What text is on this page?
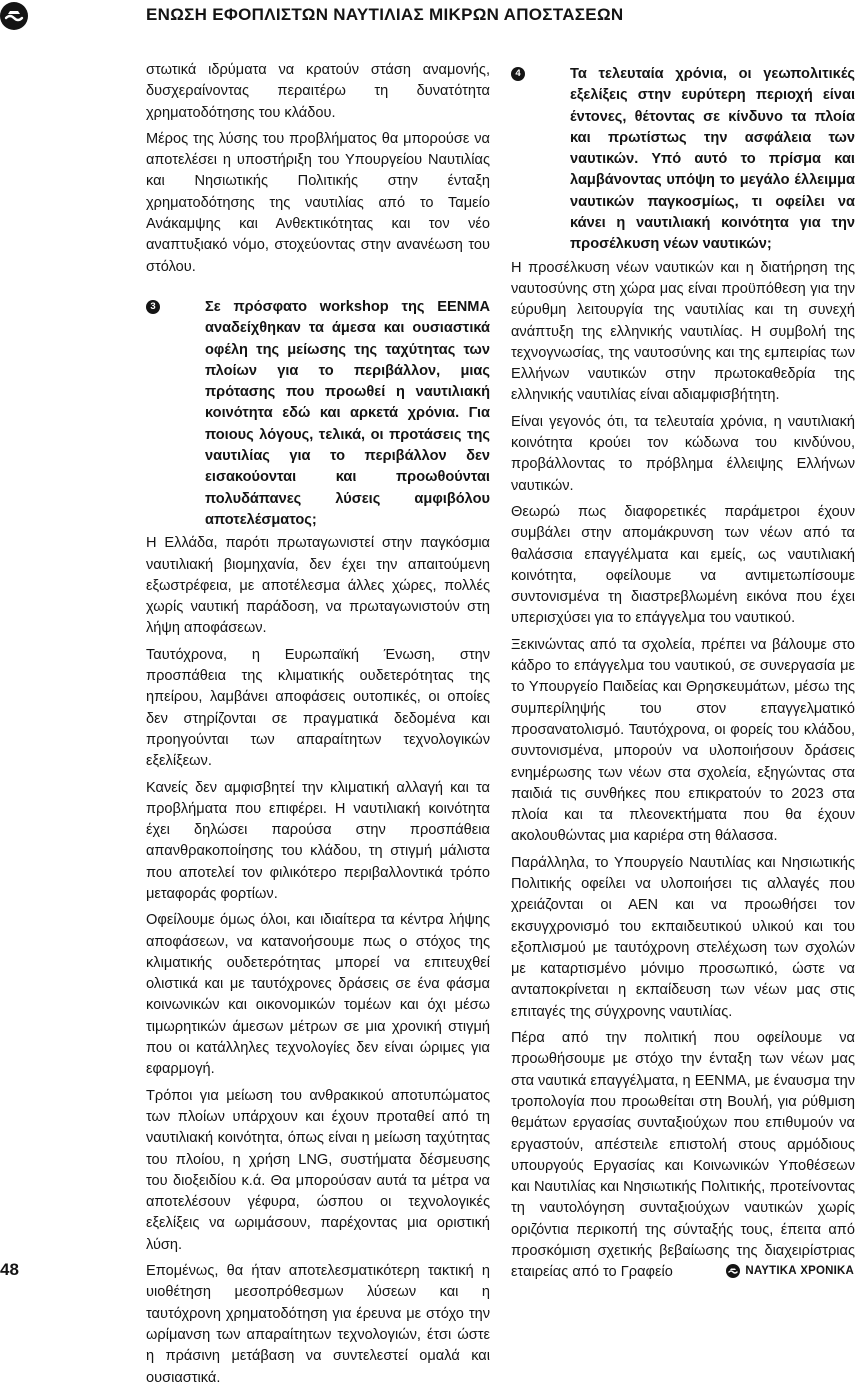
ΕΝΩΣΗ ΕΦΟΠΛΙΣΤΩΝ ΝΑΥΤΙΛΙΑΣ ΜΙΚΡΩΝ ΑΠΟΣΤΑΣΕΩΝ

στωτικά ιδρύματα να κρατούν στάση αναμονής, δυσχεραίνοντας περαιτέρω τη δυνατότητα χρηματοδότησης του κλάδου.

Μέρος της λύσης του προβλήματος θα μπορούσε να αποτελέσει η υποστήριξη του Υπουργείου Ναυτιλίας και Νησιωτικής Πολιτικής στην ένταξη χρηματοδότησης της ναυτιλίας από το Ταμείο Ανάκαμψης και Ανθεκτικότητας και τον νέο αναπτυξιακό νόμο, στοχεύοντας στην ανανέωση του στόλου.

3	Σε πρόσφατο workshop της ΕΕΝΜΑ αναδείχθηκαν τα άμεσα και ουσιαστικά οφέλη της μείωσης της ταχύτητας των πλοίων για το περιβάλλον, μιας πρότασης που προωθεί η ναυτιλιακή κοινότητα εδώ και αρκετά χρόνια. Για ποιους λόγους, τελικά, οι προτάσεις της ναυτιλίας για το περιβάλλον δεν εισακούονται και προωθούνται πολυδάπανες λύσεις αμφιβόλου αποτελέσματος;

Η Ελλάδα, παρότι πρωταγωνιστεί στην παγκόσμια ναυτιλιακή βιομηχανία, δεν έχει την απαιτούμενη εξωστρέφεια, με αποτέλεσμα άλλες χώρες, πολλές χωρίς ναυτική παράδοση, να πρωταγωνιστούν στη λήψη αποφάσεων.

Ταυτόχρονα, η Ευρωπαϊκή Ένωση, στην προσπάθεια της κλιματικής ουδετερότητας της ηπείρου, λαμβάνει αποφάσεις ουτοπικές, οι οποίες δεν στηρίζονται σε πραγματικά δεδομένα και προηγούνται των απαραίτητων τεχνολογικών εξελίξεων.

Κανείς δεν αμφισβητεί την κλιματική αλλαγή και τα προβλήματα που επιφέρει. Η ναυτιλιακή κοινότητα έχει δηλώσει παρούσα στην προσπάθεια απανθρακοποίησης του κλάδου, τη στιγμή μάλιστα που αποτελεί τον φιλικότερο περιβαλλοντικά τρόπο μεταφοράς φορτίων.

Οφείλουμε όμως όλοι, και ιδιαίτερα τα κέντρα λήψης αποφάσεων, να κατανοήσουμε πως ο στόχος της κλιματικής ουδετερότητας μπορεί να επιτευχθεί ολιστικά και με ταυτόχρονες δράσεις σε ένα φάσμα κοινωνικών και οικονομικών τομέων και όχι μέσω τιμωρητικών άμεσων μέτρων σε μια χρονική στιγμή που οι κατάλληλες τεχνολογίες δεν είναι ώριμες για εφαρμογή.

Τρόποι για μείωση του ανθρακικού αποτυπώματος των πλοίων υπάρχουν και έχουν προταθεί από τη ναυτιλιακή κοινότητα, όπως είναι η μείωση ταχύτητας του πλοίου, η χρήση LNG, συστήματα δέσμευσης του διοξειδίου κ.ά. Θα μπορούσαν αυτά τα μέτρα να αποτελέσουν γέφυρα, ώσπου οι τεχνολογικές εξελίξεις να ωριμάσουν, παρέχοντας μια οριστική λύση.

Επομένως, θα ήταν αποτελεσματικότερη τακτική η υιοθέτηση μεσοπρόθεσμων λύσεων και η ταυτόχρονη χρηματοδότηση για έρευνα με στόχο την ωρίμανση των απαραίτητων τεχνολογιών, έτσι ώστε η πράσινη μετάβαση να συντελεστεί ομαλά και ουσιαστικά.

4	Τα τελευταία χρόνια, οι γεωπολιτικές εξελίξεις στην ευρύτερη περιοχή είναι έντονες, θέτοντας σε κίνδυνο τα πλοία και πρωτίστως την ασφάλεια των ναυτικών. Υπό αυτό το πρίσμα και λαμβάνοντας υπόψη το μεγάλο έλλειμμα ναυτικών παγκοσμίως, τι οφείλει να κάνει η ναυτιλιακή κοινότητα για την προσέλκυση νέων ναυτικών;

Η προσέλκυση νέων ναυτικών και η διατήρηση της ναυτοσύνης στη χώρα μας είναι προϋπόθεση για την εύρυθμη λειτουργία της ναυτιλίας και τη συνεχή ανάπτυξη της ελληνικής ναυτιλίας. Η συμβολή της τεχνογνωσίας, της ναυτοσύνης και της εμπειρίας των Ελλήνων ναυτικών στην πρωτοκαθεδρία της ελληνικής ναυτιλίας είναι αδιαμφισβήτητη.

Είναι γεγονός ότι, τα τελευταία χρόνια, η ναυτιλιακή κοινότητα κρούει τον κώδωνα του κινδύνου, προβάλλοντας το πρόβλημα έλλειψης Ελλήνων ναυτικών.

Θεωρώ πως διαφορετικές παράμετροι έχουν συμβάλει στην απομάκρυνση των νέων από τα θαλάσσια επαγγέλματα και εμείς, ως ναυτιλιακή κοινότητα, οφείλουμε να αντιμετωπίσουμε συντονισμένα τη διαστρεβλωμένη εικόνα που έχει υπερισχύσει για το επάγγελμα του ναυτικού.

Ξεκινώντας από τα σχολεία, πρέπει να βάλουμε στο κάδρο το επάγγελμα του ναυτικού, σε συνεργασία με το Υπουργείο Παιδείας και Θρησκευμάτων, μέσω της συμπερίληψής του στον επαγγελματικό προσανατολισμό. Ταυτόχρονα, οι φορείς του κλάδου, συντονισμένα, μπορούν να υλοποιήσουν δράσεις ενημέρωσης των νέων στα σχολεία, εξηγώντας στα παιδιά τις συνθήκες που επικρατούν το 2023 στα πλοία και τα πλεονεκτήματα που θα έχουν ακολουθώντας μια καριέρα στη θάλασσα.

Παράλληλα, το Υπουργείο Ναυτιλίας και Νησιωτικής Πολιτικής οφείλει να υλοποιήσει τις αλλαγές που χρειάζονται οι ΑΕΝ και να προωθήσει τον εκσυγχρονισμό του εκπαιδευτικού υλικού και του εξοπλισμού με ταυτόχρονη στελέχωση των σχολών με καταρτισμένο μόνιμο προσωπικό, ώστε να ανταποκρίνεται η εκπαίδευση των νέων μας στις επιταγές της σύγχρονης ναυτιλίας.

Πέρα από την πολιτική που οφείλουμε να προωθήσουμε με στόχο την ένταξη των νέων μας στα ναυτικά επαγγέλματα, η ΕΕΝΜΑ, με έναυσμα την τροπολογία που προωθείται στη Βουλή, για ρύθμιση θεμάτων εργασίας συνταξιούχων που επιθυμούν να εργαστούν, απέστειλε επιστολή στους αρμόδιους υπουργούς Εργασίας και Κοινωνικών Υποθέσεων και Ναυτιλίας και Νησιωτικής Πολιτικής, προτείνοντας τη ναυτολόγηση συνταξιούχων ναυτικών χωρίς οριζόντια περικοπή της σύνταξής τους, έπειτα από προσκόμιση σχετικής βεβαίωσης της διαχειρίστριας εταιρείας από το Γραφείο

48	ΝΑΥΤΙΚΑ ΧΡΟΝΙΚΑ
